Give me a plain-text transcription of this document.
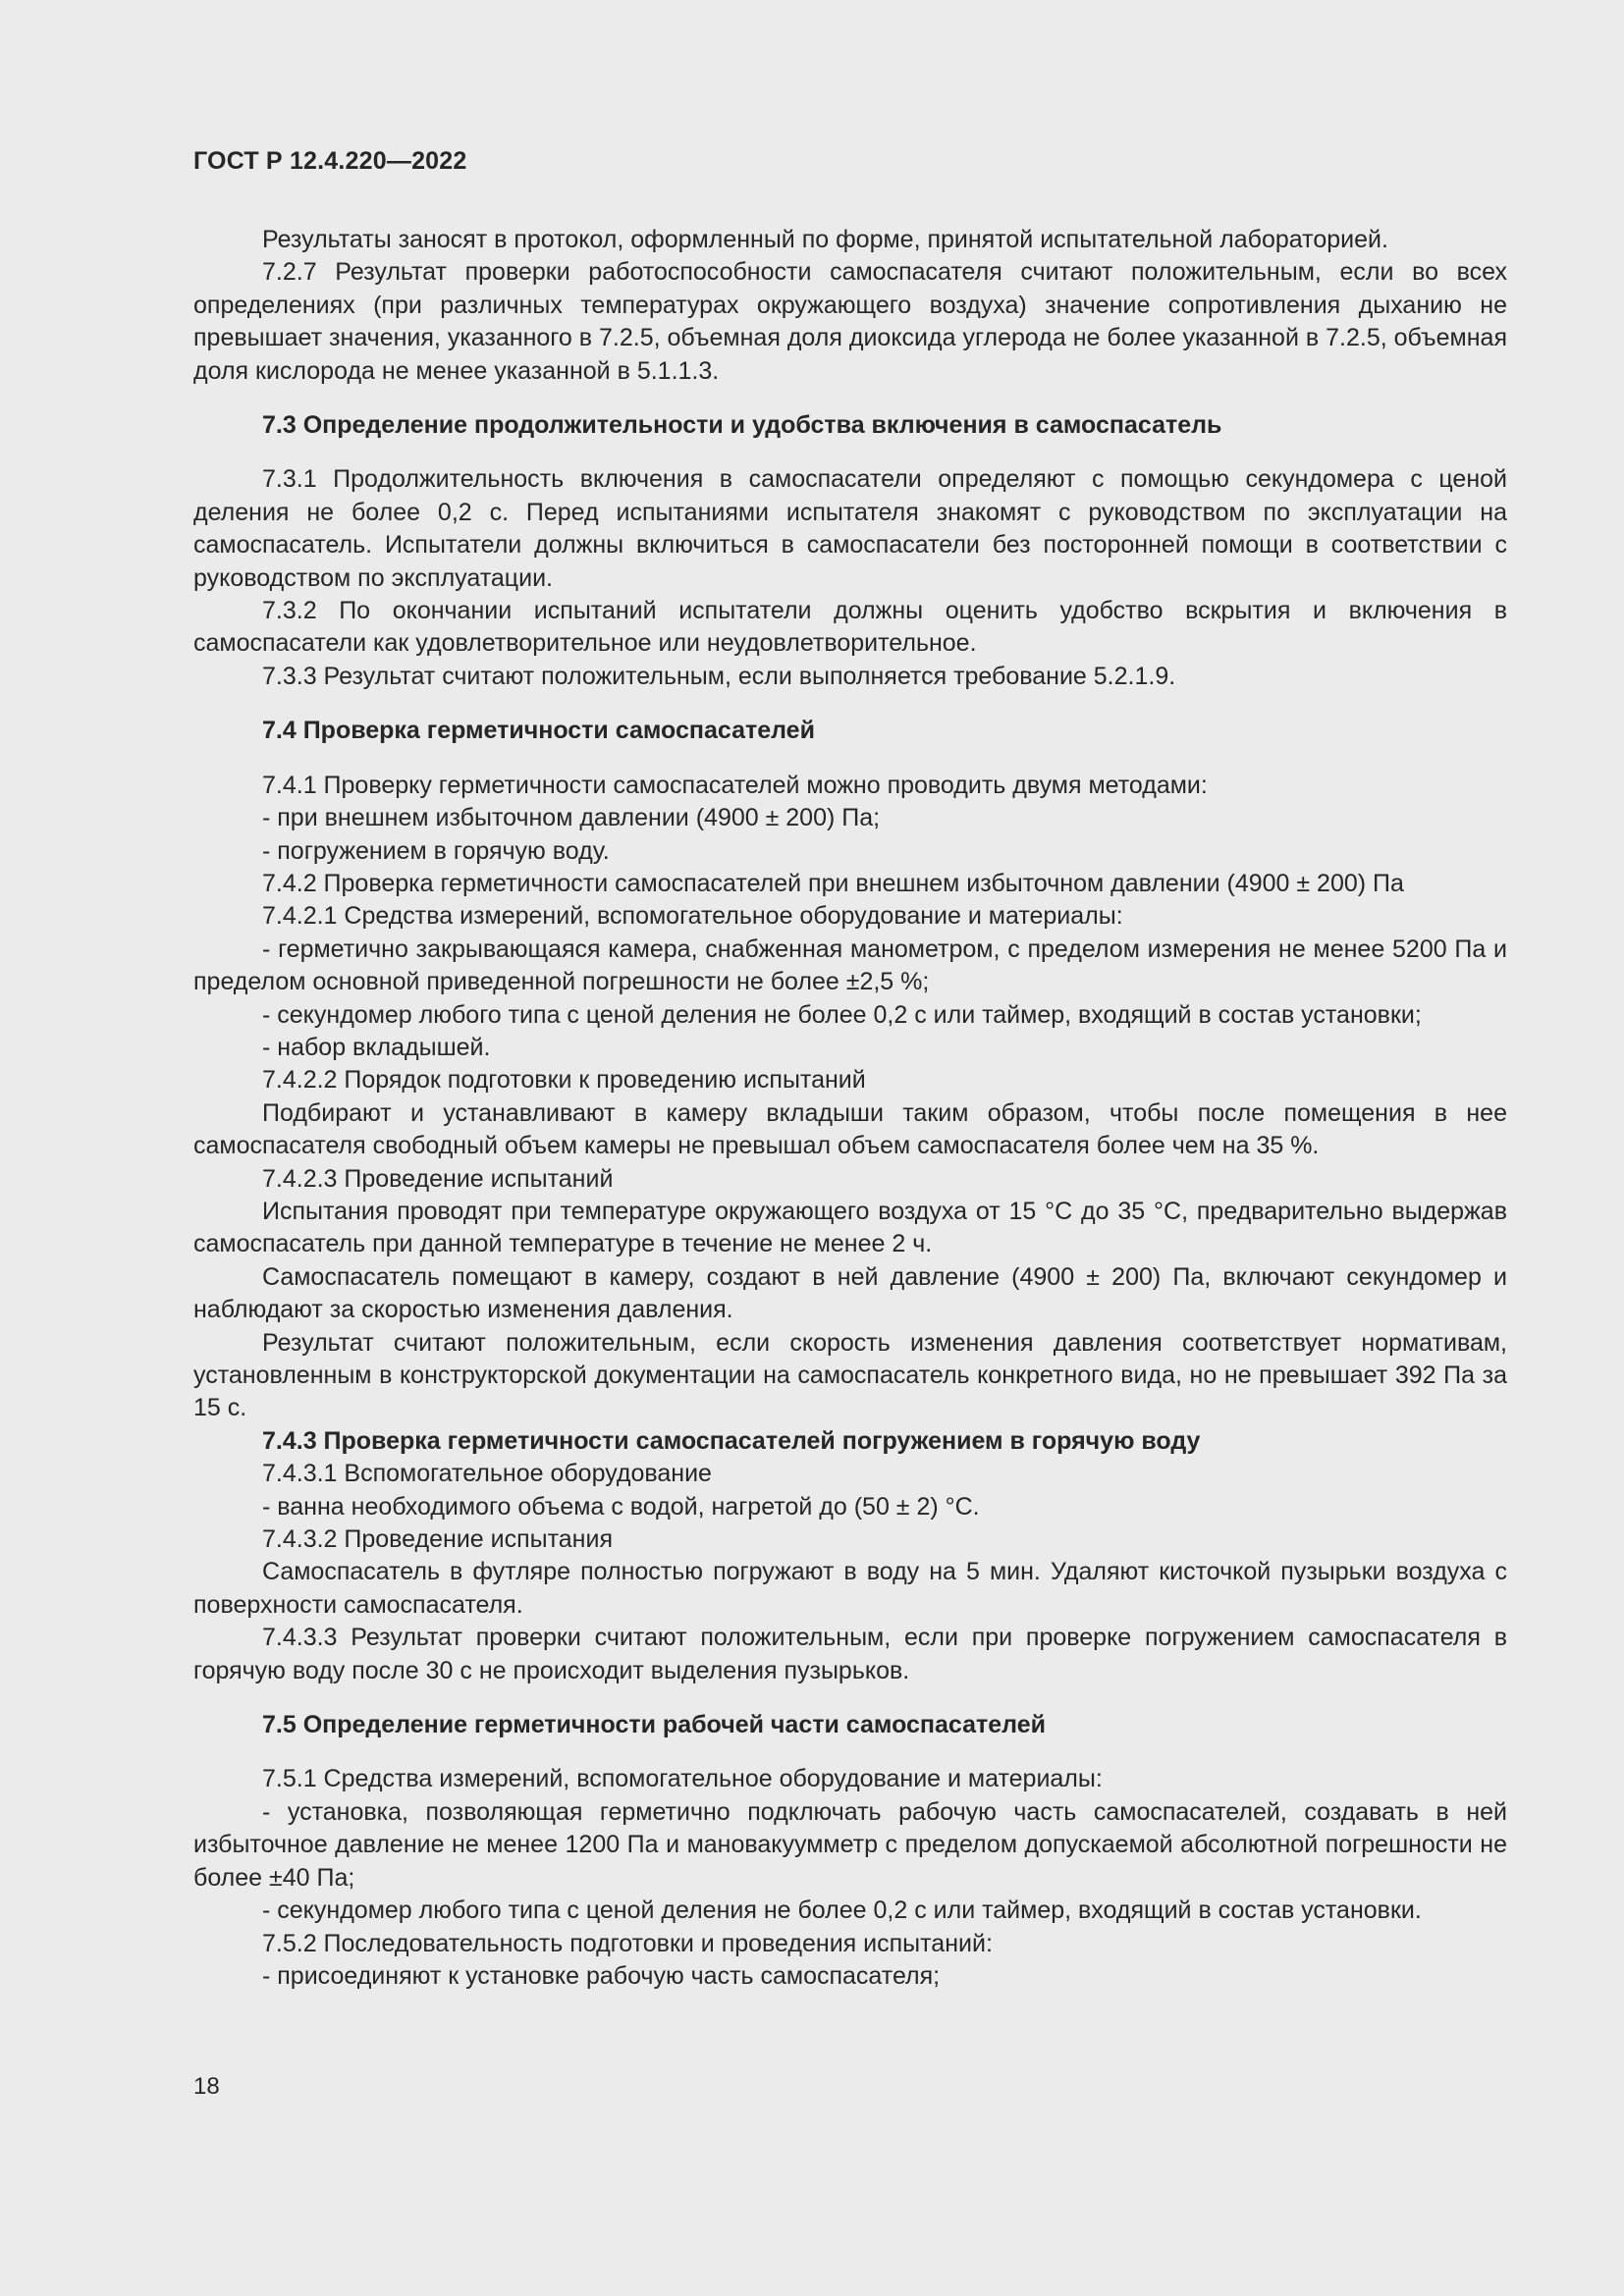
ГОСТ Р 12.4.220—2022
Результаты заносят в протокол, оформленный по форме, принятой испытательной лабораторией.
7.2.7 Результат проверки работоспособности самоспасателя считают положительным, если во всех определениях (при различных температурах окружающего воздуха) значение сопротивления дыханию не превышает значения, указанного в 7.2.5, объемная доля диоксида углерода не более указанной в 7.2.5, объемная доля кислорода не менее указанной в 5.1.1.3.
7.3 Определение продолжительности и удобства включения в самоспасатель
7.3.1 Продолжительность включения в самоспасатели определяют с помощью секундомера с ценой деления не более 0,2 с. Перед испытаниями испытателя знакомят с руководством по эксплуатации на самоспасатель. Испытатели должны включиться в самоспасатели без посторонней помощи в соответствии с руководством по эксплуатации.
7.3.2 По окончании испытаний испытатели должны оценить удобство вскрытия и включения в самоспасатели как удовлетворительное или неудовлетворительное.
7.3.3 Результат считают положительным, если выполняется требование 5.2.1.9.
7.4 Проверка герметичности самоспасателей
7.4.1 Проверку герметичности самоспасателей можно проводить двумя методами:
- при внешнем избыточном давлении (4900 ± 200) Па;
- погружением в горячую воду.
7.4.2 Проверка герметичности самоспасателей при внешнем избыточном давлении (4900 ± 200) Па
7.4.2.1 Средства измерений, вспомогательное оборудование и материалы:
- герметично закрывающаяся камера, снабженная манометром, с пределом измерения не менее 5200 Па и пределом основной приведенной погрешности не более ±2,5 %;
- секундомер любого типа с ценой деления не более 0,2 с или таймер, входящий в состав установки;
- набор вкладышей.
7.4.2.2 Порядок подготовки к проведению испытаний
Подбирают и устанавливают в камеру вкладыши таким образом, чтобы после помещения в нее самоспасателя свободный объем камеры не превышал объем самоспасателя более чем на 35 %.
7.4.2.3 Проведение испытаний
Испытания проводят при температуре окружающего воздуха от 15 °С до 35 °С, предварительно выдержав самоспасатель при данной температуре в течение не менее 2 ч.
Самоспасатель помещают в камеру, создают в ней давление (4900 ± 200) Па, включают секундомер и наблюдают за скоростью изменения давления.
Результат считают положительным, если скорость изменения давления соответствует нормативам, установленным в конструкторской документации на самоспасатель конкретного вида, но не превышает 392 Па за 15 с.
7.4.3 Проверка герметичности самоспасателей погружением в горячую воду
7.4.3.1 Вспомогательное оборудование
- ванна необходимого объема с водой, нагретой до (50 ± 2) °С.
7.4.3.2 Проведение испытания
Самоспасатель в футляре полностью погружают в воду на 5 мин. Удаляют кисточкой пузырьки воздуха с поверхности самоспасателя.
7.4.3.3 Результат проверки считают положительным, если при проверке погружением самоспасателя в горячую воду после 30 с не происходит выделения пузырьков.
7.5 Определение герметичности рабочей части самоспасателей
7.5.1 Средства измерений, вспомогательное оборудование и материалы:
- установка, позволяющая герметично подключать рабочую часть самоспасателей, создавать в ней избыточное давление не менее 1200 Па и мановакуумметр с пределом допускаемой абсолютной погрешности не более ±40 Па;
- секундомер любого типа с ценой деления не более 0,2 с или таймер, входящий в состав установки.
7.5.2 Последовательность подготовки и проведения испытаний:
- присоединяют к установке рабочую часть самоспасателя;
18
